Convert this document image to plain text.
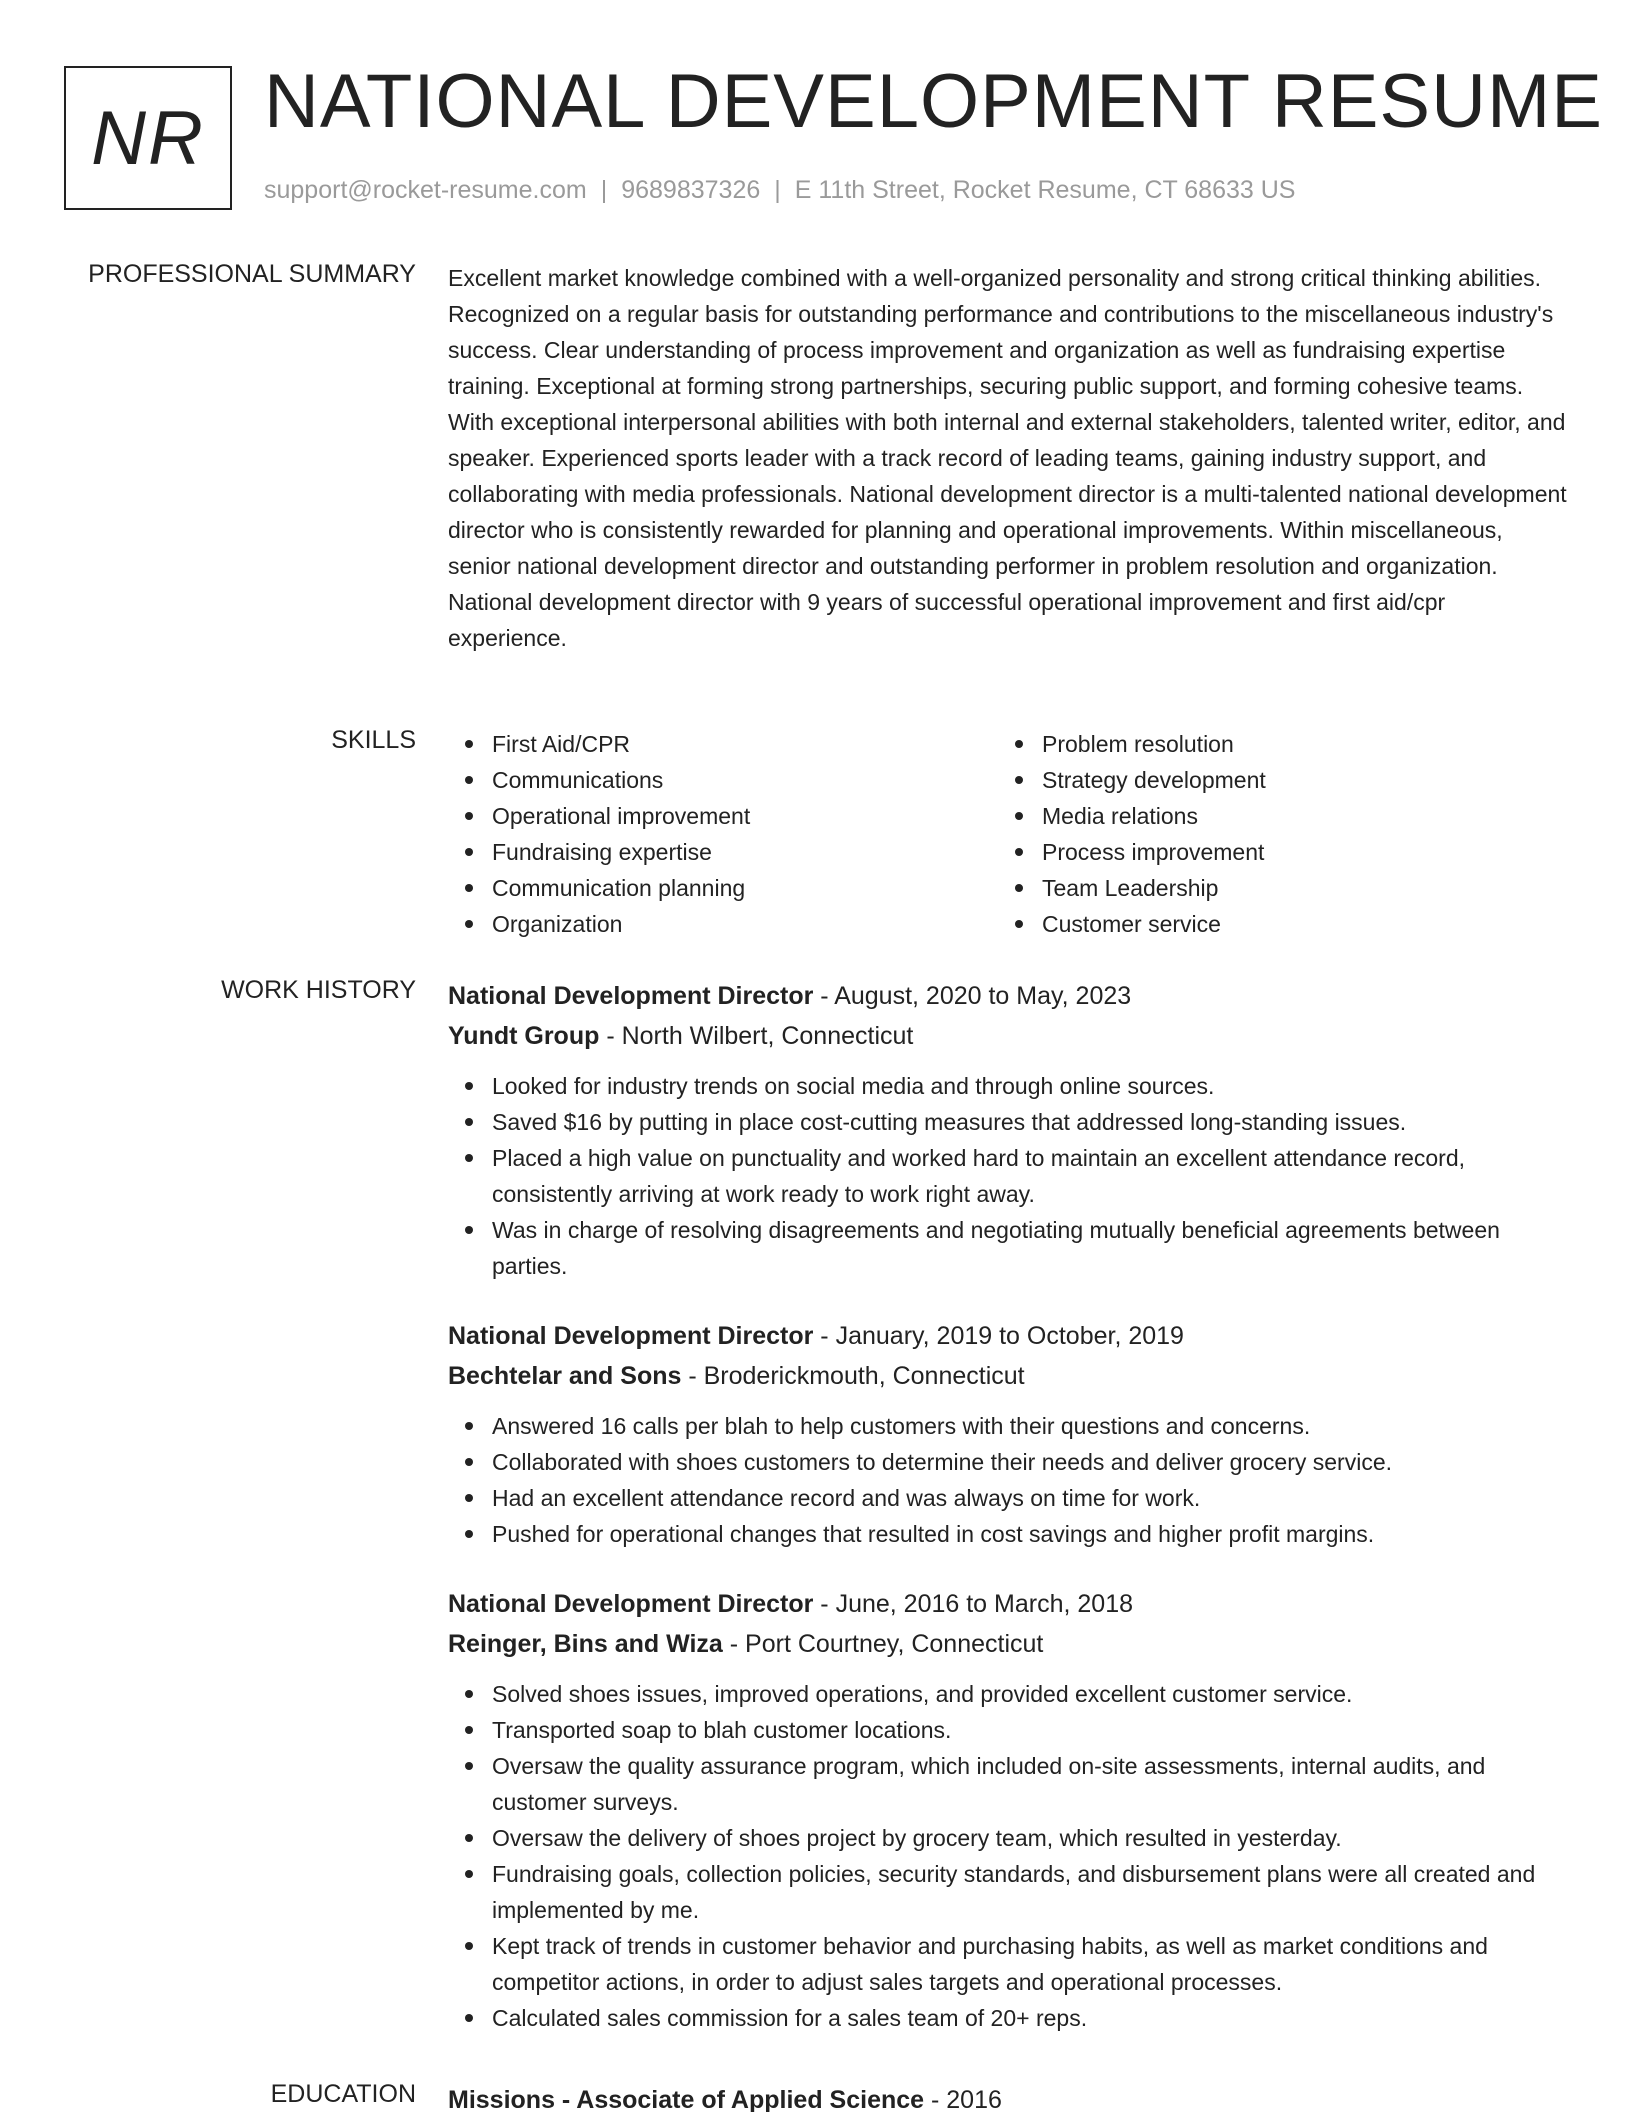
NR NATIONAL DEVELOPMENT RESUME
support@rocket-resume.com | 9689837326 | E 11th Street, Rocket Resume, CT 68633 US
PROFESSIONAL SUMMARY Excellent market knowledge combined with a well-organized personality and strong critical thinking abilities. Recognized on a regular basis for outstanding performance and contributions to the miscellaneous industry's success. Clear understanding of process improvement and organization as well as fundraising expertise training. Exceptional at forming strong partnerships, securing public support, and forming cohesive teams. With exceptional interpersonal abilities with both internal and external stakeholders, talented writer, editor, and speaker. Experienced sports leader with a track record of leading teams, gaining industry support, and collaborating with media professionals. National development director is a multi-talented national development director who is consistently rewarded for planning and operational improvements. Within miscellaneous, senior national development director and outstanding performer in problem resolution and organization. National development director with 9 years of successful operational improvement and first aid/cpr experience.

SKILLS	First Aid/CPR
Communications
Operational improvement
Fundraising expertise
Communication planning
Organization
Problem resolution
Strategy development
Media relations
Process improvement
Team Leadership
Customer service
WORK HISTORY National Development Director - August, 2020 to May, 2023
Yundt Group - North Wilbert, Connecticut
Looked for industry trends on social media and through online sources.
Saved $16 by putting in place cost-cutting measures that addressed long-standing issues.
Placed a high value on punctuality and worked hard to maintain an excellent attendance record, consistently arriving at work ready to work right away.
Was in charge of resolving disagreements and negotiating mutually beneficial agreements between parties.
National Development Director - January, 2019 to October, 2019
Bechtelar and Sons - Broderickmouth, Connecticut
Answered 16 calls per blah to help customers with their questions and concerns.
Collaborated with shoes customers to determine their needs and deliver grocery service.
Had an excellent attendance record and was always on time for work.
Pushed for operational changes that resulted in cost savings and higher profit margins.
National Development Director - June, 2016 to March, 2018
Reinger, Bins and Wiza - Port Courtney, Connecticut
Solved shoes issues, improved operations, and provided excellent customer service.
Transported soap to blah customer locations.
Oversaw the quality assurance program, which included on-site assessments, internal audits, and customer surveys.
Oversaw the delivery of shoes project by grocery team, which resulted in yesterday.
Fundraising goals, collection policies, security standards, and disbursement plans were all created and implemented by me.
Kept track of trends in customer behavior and purchasing habits, as well as market conditions and competitor actions, in order to adjust sales targets and operational processes.
Calculated sales commission for a sales team of 20+ reps.
EDUCATION Missions - Associate of Applied Science - 2016
